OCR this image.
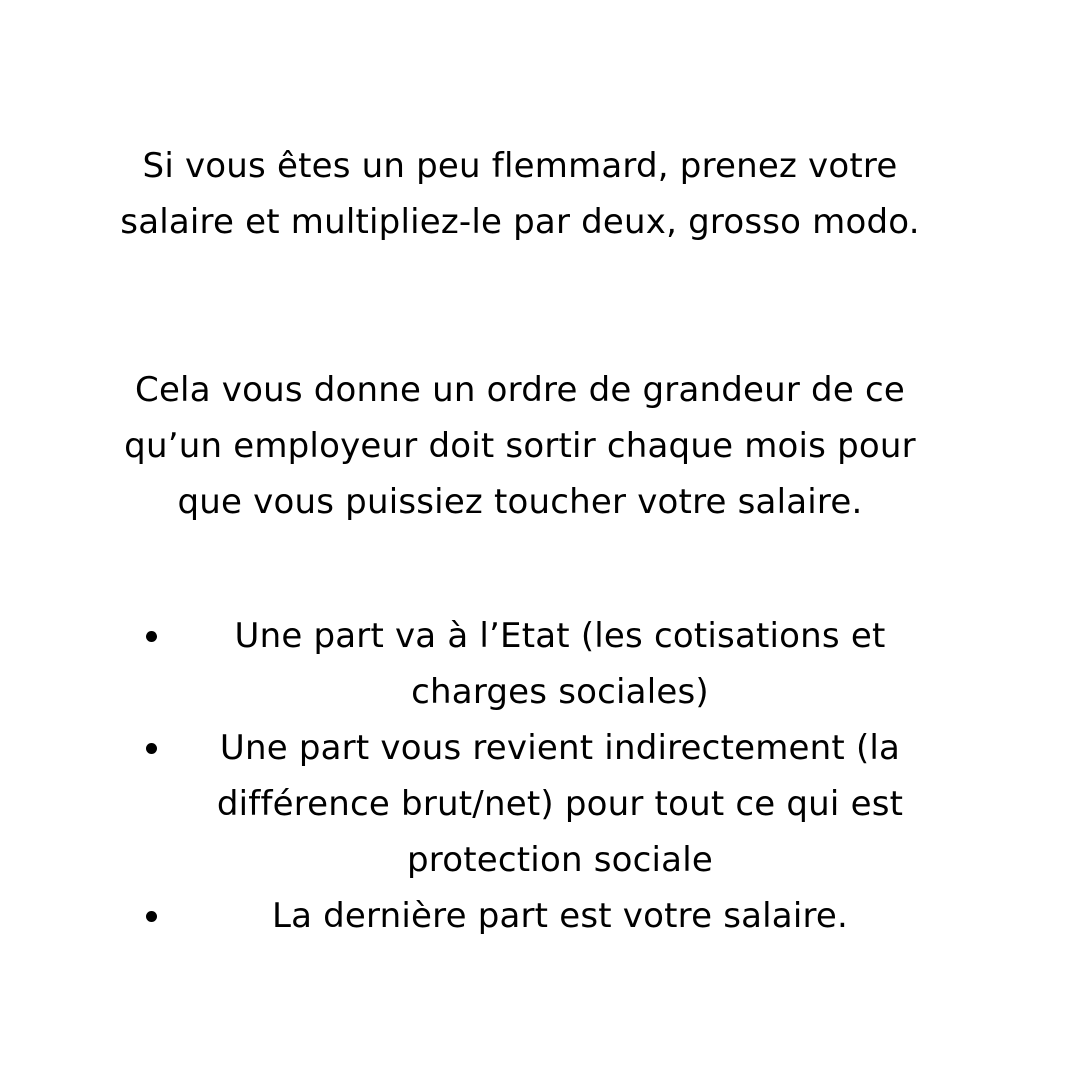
Si vous êtes un peu flemmard, prenez votre salaire et multipliez-le par deux, grosso modo.

Cela vous donne un ordre de grandeur de ce qu’un employeur doit sortir chaque mois pour que vous puissiez toucher votre salaire.

Une part va à l’Etat (les cotisations et charges sociales)
Une part vous revient indirectement (la différence brut/net) pour tout ce qui est protection sociale
La dernière part est votre salaire.
